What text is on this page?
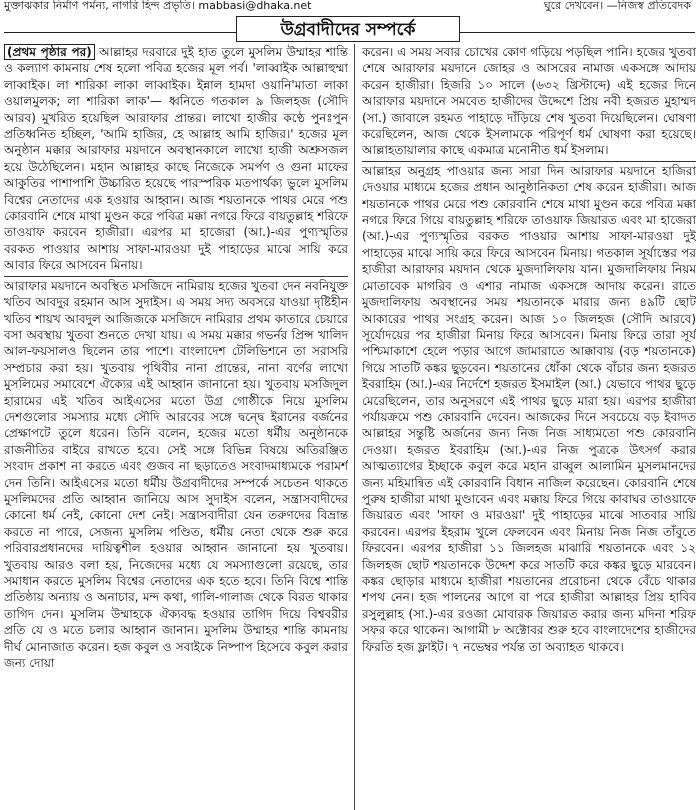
মুক্তাঝকার নির্মাণ পর্মন্য, নাগরি হিন্দ প্রভৃতি। mabbasi@dhaka.net	ঘুরে দেখবেন। —নিজস্ব প্রতিবেদক
উগ্রবাদীদের সম্পর্কে

(প্রথম পৃষ্ঠার পর) আল্লাহর দরবারে দুই হাত তুলে মুসলিম উম্মাহর শান্তি ও কল্যাণ কামনায় শেষ হলো পবিত্র হজের মূল পর্ব। 'লাব্বাইক আল্লাহুম্মা লাব্বাইক। লা শারিকা লাকা লাব্বাইক। ইন্নাল হামদা ওয়ানি'মাতা লাকা ওয়ালমুলক; লা শারিকা লাক'— ধ্বনিতে গতকাল ৯ জিলহজ (সৌদি আরব) মুখরিত হয়েছিল আরাফার প্রান্তর। লাখো হাজীর কণ্ঠে পুনঃপুন প্রতিধ্বনিত হচ্ছিল, 'আমি হাজির, হে আল্লাহ আমি হাজির।' হজের মূল অনুষ্ঠান মক্কার আরাফার ময়দানে অবস্থানকালে লাখো হাজী অশ্রুসজল হয়ে উঠেছিলেন। মহান আল্লাহর কাছে নিজেকে সমর্পণ ও গুনা মাফের আকুতির পাশাপাশি উচ্চারিত হয়েছে পারস্পরিক মতপার্থক্য ভুলে মুসলিম বিশ্বের নেতাদের এক হওয়ার আহ্বান। আজ শয়তানকে পাথর মেরে পশু কোরবানি শেষে মাথা মুণ্ডন করে পবিত্র মক্কা নগরে ফিরে বায়তুল্লাহ শরিফে তাওয়াফ করবেন হাজীরা। এরপর মা হাজেরা (আ.)-এর পুণ্যস্মৃতির বরকত পাওয়ার আশায় সাফা-মারওয়া দুই পাহাড়ের মাঝে সায়ি করে আবার ফিরে আসবেন মিনায়।

আরাফার ময়দানে অবস্থিত মসজিদে নামিরায় হজের খুতবা দেন নবনিযুক্ত খতিব আবদুর রহমান আস সুদাইস। এ সময় সদ্য অবসরে যাওয়া দৃষ্টিহীন খতিব শায়খ আবদুল আজিজকে মসজিদে নামিরার প্রথম কাতারে চেয়ারে বসা অবস্থায় খুতবা শুনতে দেখা যায়। এ সময় মক্কার গভর্নর প্রিন্স খালিদ আল-ফয়সালও ছিলেন তার পাশে। বাংলাদেশ টেলিভিশনে তা সরাসরি সম্প্রচার করা হয়। খুতবায় পৃথিবীর নানা প্রান্তের, নানা বর্ণের লাখো মুসলিমের সমাবেশে ঐক্যের এই আহ্বান জানানো হয়। খুতবায় মসজিদুল হারামের এই খতিব আইএসের মতো উগ্র গোষ্ঠীকে নিয়ে মুসলিম দেশগুলোর সমস্যার মধ্যে সৌদি আরবের সঙ্গে দ্বন্দ্বে ইরানের বর্জনের প্রেক্ষাপটে তুলে ধরেন। তিনি বলেন, হজের মতো ধর্মীয় অনুষ্ঠানকে রাজনীতির বাইরে রাখতে হবে। সেই সঙ্গে বিভিন্ন বিষয়ে অতিরঞ্জিত সংবাদ প্রকাশ না করতে এবং গুজব না ছড়াতেও সংবাদমাধ্যমকে পরামর্শ দেন তিনি। আইএসের মতো ধর্মীয় উগ্রবাদীদের সম্পর্কে সচেতন থাকতে মুসলিমদের প্রতি আহ্বান জানিয়ে আস সুদাইস বলেন, সন্ত্রাসবাদীদের কোনো ধর্ম নেই, কোনো দেশ নেই। সন্ত্রাসবাদীরা যেন তরুণদের বিভ্রান্ত করতে না পারে, সেজন্য মুসলিম পণ্ডিত, ধর্মীয় নেতা থেকে শুরু করে পরিবারপ্রধানদের দায়িত্বশীল হওয়ার আহ্বান জানানো হয় খুতবায়। খুতবায় আরও বলা হয়, নিজেদের মধ্যে যে সমস্যাগুলো রয়েছে, তার সমাধান করতে মুসলিম বিশ্বের নেতাদের এক হতে হবে। তিনি বিশ্বে শান্তি প্রতিষ্ঠায় অন্যায় ও অনাচার, মন্দ কথা, গালি-গালাজ থেকে বিরত থাকার তাগিদ দেন। মুসলিম উম্মাহকে ঐক্যবদ্ধ হওয়ার তাগিদ দিয়ে বিশ্ববরীর প্রতি যে ও মতে চলার আহ্বান জানান। মুসলিম উম্মাহর শান্তি কামনায় দীর্ঘ মোনাজাত করেন। হজ কবুল ও সবাইকে নিষ্পাপ হিসেবে কবুল করার জন্য দোয়া

করেন। এ সময় সবার চোখের কোণ গড়িয়ে পড়ছিল পানি। হজের খুতবা শেষে আরাফার ময়দানে জোহর ও আসরের নামাজ একসঙ্গে আদায় করেন হাজীরা। হিজরি ১০ সালে (৬৩২ খ্রিস্টাব্দে) এই হজের দিনে আরাফার ময়দানে সমবেত হাজীদের উদ্দেশে প্রিয় নবী হজরত মুহাম্মদ (সা.) জাবালে রহমত পাহাড়ে দাঁড়িয়ে শেষ খুতবা দিয়েছিলেন। ঘোষণা করেছিলেন, আজ থেকে ইসলামকে পরিপূর্ণ ধর্ম ঘোষণা করা হয়েছে। আল্লাহতায়ালার কাছে একমাত্র মনোনীত ধর্ম ইসলাম।

আল্লাহর অনুগ্রহ পাওয়ার জন্য সারা দিন আরাফার ময়দানে হাজিরা দেওয়ার মাধ্যমে হজের প্রধান আনুষ্ঠানিকতা শেষ করেন হাজীরা। আজ শয়তানকে পাথর মেরে পশু কোরবানি শেষে মাথা মুণ্ডন করে পবিত্র মক্কা নগরে ফিরে গিয়ে বায়তুল্লাহ শরিফে তাওয়াফ জিয়ারত এবং মা হাজেরা (আ.)-এর পুণ্যস্মৃতির বরকত পাওয়ার আশায় সাফা-মারওয়া দুই পাহাড়ের মাঝে সায়ি করে ফিরে আসবেন মিনায়। গতকাল সূর্যাস্তের পর হাজীরা আরাফার ময়দান থেকে মুজদালিফায় যান। মুজদালিফায় নিয়ম মোতাবেক মাগরিব ও এশার নামাজ একসঙ্গে আদায় করেন। রাতে মুজদালিফায় অবস্থানের সময় শয়তানকে মারার জন্য ৪৯টি ছোট আকারের পাথর সংগ্রহ করেন। আজ ১০ জিলহজ (সৌদি আরবে) সূর্যোদয়ের পর হাজীরা মিনায় ফিরে আসবেন। মিনায় ফিরে তারা সূর্য পশ্চিমাকাশে হেলে পড়ার আগে জামারাতে আক্কাবায় (বড় শয়তানকে) গিয়ে সাতটি কঙ্কর ছুড়বেন। শয়তানের ধোঁকা থেকে বাঁচার জন্য হজরত ইবরাহিম (আ.)-এর নির্দেশে হজরত ইসমাইল (আ.) যেভাবে পাথর ছুড়ে মেরেছিলেন, তার অনুসরণে এই পাথর ছুড়ে মারা হয়। এরপর হাজীরা পর্যায়ক্রমে পশু কোরবানি দেবেন। আজকের দিনে সবচেয়ে বড় ইবাদত আল্লাহর সন্তুষ্টি অর্জনের জন্য নিজ নিজ সাধ্যমতো পশু কোরবানি দেওয়া। হজরত ইবরাহিম (আ.)-এর নিজ পুত্রকে উৎসর্গ করার আত্মত্যাগের ইচ্ছাকে কবুল করে মহান রাব্বুল আলামিন মুসলমানদের জন্য মহিমান্বিত এই কোরবানি বিধান নাজিল করেছেন। কোরবানি শেষে পুরুষ হাজীরা মাথা মুণ্ডাবেন এবং মক্কায় ফিরে গিয়ে কাবাঘর তাওয়াফে জিয়ারত এবং 'সাফা ও মারওয়া' দুই পাহাড়ের মাঝে সাতবার সায়ি করবেন। এরপর ইহরাম খুলে ফেলবেন এবং মিনায় নিজ নিজ তাঁবুতে ফিরবেন। এরপর হাজীরা ১১ জিলহজ মাঝারি শয়তানকে এবং ১২ জিলহজ ছোট শয়তানকে উদ্দেশ করে সাতটি করে কঙ্কর ছুড়ে মারবেন। কঙ্কর ছোড়ার মাধ্যমে হাজীরা শয়তানের প্ররোচনা থেকে বেঁচে থাকার শপথ নেন। হজ পালনের আগে বা পরে হাজীরা আল্লাহর প্রিয় হাবিব রসুলুল্লাহ (সা.)-এর রওজা মোবারক জিয়ারত করার জন্য মদিনা শরিফ সফর করে থাকেন। আগামী ৮ অক্টোবর শুরু হবে বাংলাদেশের হাজীদের ফিরতি হজ ফ্লাইট। ৭ নভেম্বর পর্যন্ত তা অব্যাহত থাকবে।
